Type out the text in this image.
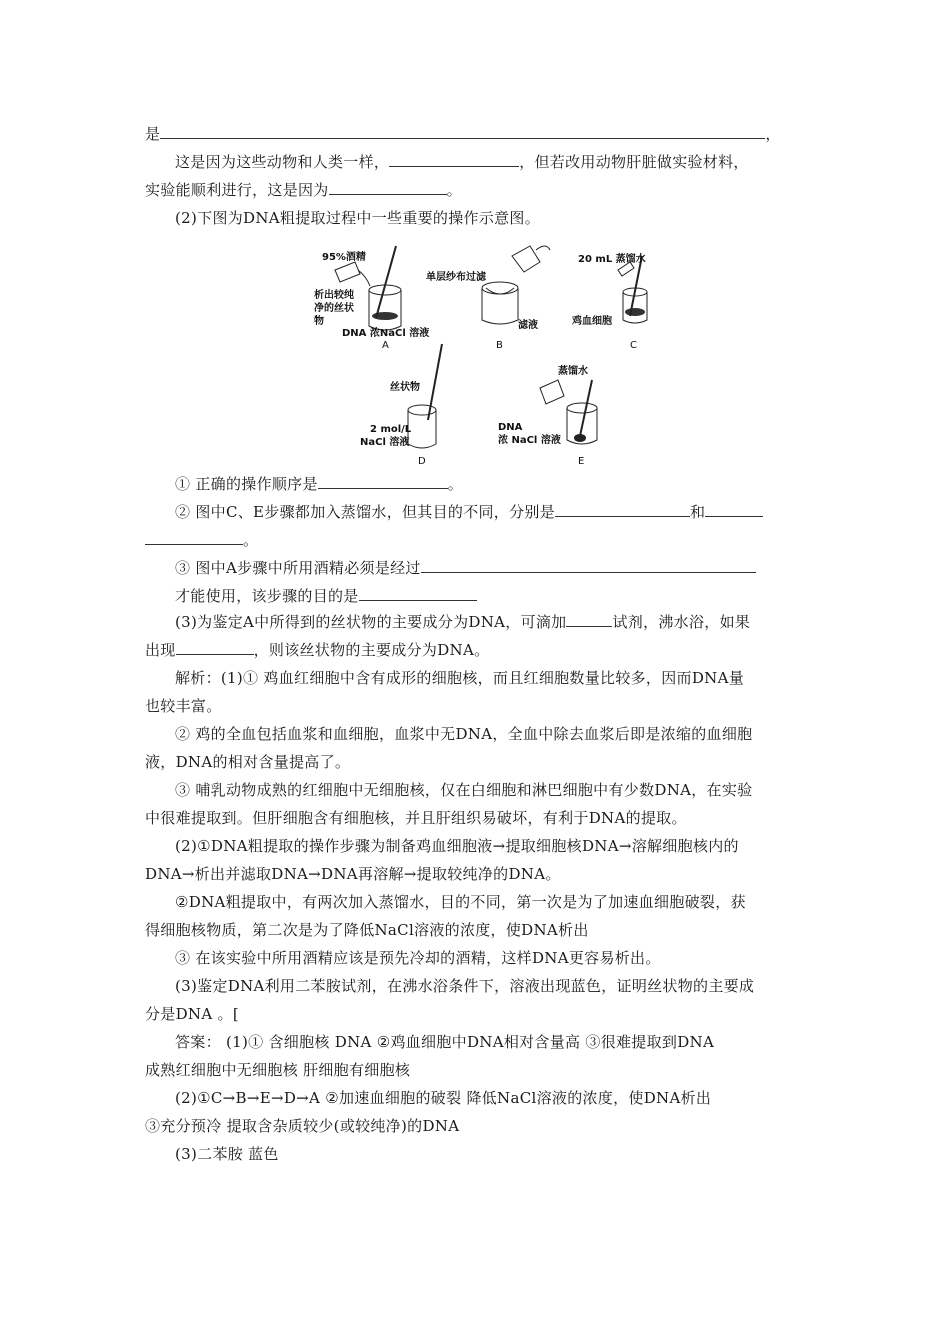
是	，
这是因为这些动物和人类一样，	，但若改用动物肝脏做实验材料，
实验能顺利进行，这是因为	。
(2)下图为DNA粗提取过程中一些重要的操作示意图。
95%酒精
析出较纯
净的丝状
物
DNA 浓NaCl 溶液
A
单层纱布过滤
滤液
B
20 mL 蒸馏水
鸡血细胞
C
丝状物
2 mol/L
NaCl 溶液
D
蒸馏水
DNA
浓 NaCl 溶液
E
① 正确的操作顺序是	。
② 图中C、E步骤都加入蒸馏水，但其目的不同，分别是	和
。
③ 图中A步骤中所用酒精必须是经过
才能使用，该步骤的目的是
(3)为鉴定A中所得到的丝状物的主要成分为DNA，可滴加	试剂，沸水浴，如果
出现	，则该丝状物的主要成分为DNA。
解析：(1)① 鸡血红细胞中含有成形的细胞核，而且红细胞数量比较多，因而DNA量
也较丰富。
② 鸡的全血包括血浆和血细胞，血浆中无DNA，全血中除去血浆后即是浓缩的血细胞
液，DNA的相对含量提高了。
③ 哺乳动物成熟的红细胞中无细胞核，仅在白细胞和淋巴细胞中有少数DNA，在实验
中很难提取到。但肝细胞含有细胞核，并且肝组织易破坏，有利于DNA的提取。
(2)①DNA粗提取的操作步骤为制备鸡血细胞液→提取细胞核DNA→溶解细胞核内的
DNA→析出并滤取DNA→DNA再溶解→提取较纯净的DNA。
②DNA粗提取中，有两次加入蒸馏水，目的不同，第一次是为了加速血细胞破裂，获
得细胞核物质，第二次是为了降低NaCl溶液的浓度，使DNA析出
③ 在该实验中所用酒精应该是预先冷却的酒精，这样DNA更容易析出。
(3)鉴定DNA利用二苯胺试剂，在沸水浴条件下，溶液出现蓝色，证明丝状物的主要成
分是DNA 。[
答案： (1)① 含细胞核 DNA ②鸡血细胞中DNA相对含量高 ③很难提取到DNA
成熟红细胞中无细胞核 肝细胞有细胞核
(2)①C→B→E→D→A ②加速血细胞的破裂 降低NaCl溶液的浓度，使DNA析出
③充分预冷 提取含杂质较少(或较纯净)的DNA
(3)二苯胺 蓝色
